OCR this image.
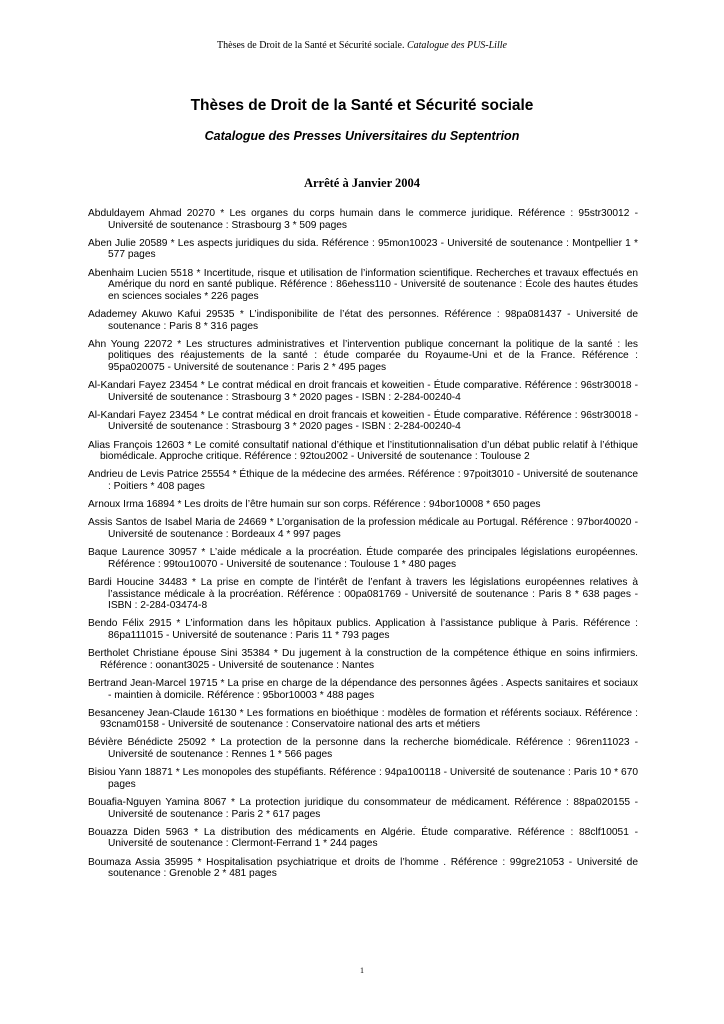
Thèses de Droit de la Santé et Sécurité sociale. Catalogue des PUS-Lille
Thèses de Droit de la Santé et Sécurité sociale
Catalogue des Presses Universitaires du Septentrion
Arrêté à Janvier 2004
Abduldayem Ahmad 20270 * Les organes du corps humain dans le commerce juridique. Référence : 95str30012 - Université de soutenance : Strasbourg 3 * 509 pages
Aben Julie 20589 * Les aspects juridiques du sida. Référence : 95mon10023 - Université de soutenance : Montpellier 1 * 577 pages
Abenhaim Lucien 5518 * Incertitude, risque et utilisation de l’information scientifique. Recherches et travaux effectués en Amérique du nord en santé publique. Référence : 86ehess110 - Université de soutenance : École des hautes études en sciences sociales * 226 pages
Adademey Akuwo Kafui 29535 * L’indisponibilite de l’état des personnes. Référence : 98pa081437 - Université de soutenance : Paris 8 * 316 pages
Ahn Young 22072 * Les structures administratives et l’intervention publique concernant la politique de la santé : les politiques des réajustements de la santé : étude comparée du Royaume-Uni et de la France. Référence : 95pa020075 - Université de soutenance : Paris 2 * 495 pages
Al-Kandari Fayez 23454 * Le contrat médical en droit francais et koweitien - Étude comparative. Référence : 96str30018 - Université de soutenance : Strasbourg 3 * 2020 pages - ISBN : 2-284-00240-4
Al-Kandari Fayez 23454 * Le contrat médical en droit francais et koweitien - Étude comparative. Référence : 96str30018 - Université de soutenance : Strasbourg 3 * 2020 pages - ISBN : 2-284-00240-4
Alias François 12603 * Le comité consultatif national d’éthique et l’institutionnalisation d’un débat public relatif à l’éthique biomédicale. Approche critique. Référence : 92tou2002 - Université de soutenance : Toulouse 2
Andrieu de Levis Patrice 25554 * Éthique de la médecine des armées. Référence : 97poit3010 - Université de soutenance : Poitiers * 408 pages
Arnoux Irma 16894 * Les droits de l’être humain sur son corps. Référence : 94bor10008 * 650 pages
Assis Santos de Isabel Maria de 24669 * L’organisation de la profession médicale au Portugal. Référence : 97bor40020 - Université de soutenance : Bordeaux 4 * 997 pages
Baque Laurence 30957 * L’aide médicale a la procréation. Étude comparée des principales législations européennes. Référence : 99tou10070 - Université de soutenance : Toulouse 1 * 480 pages
Bardi Houcine 34483 * La prise en compte de l’intérêt de l’enfant à travers les législations européennes relatives à l’assistance médicale à la procréation. Référence : 00pa081769 - Université de soutenance : Paris 8 * 638 pages - ISBN : 2-284-03474-8
Bendo Félix 2915 * L’information dans les hôpitaux publics. Application à l’assistance publique à Paris. Référence : 86pa111015 - Université de soutenance : Paris 11 * 793 pages
Bertholet Christiane épouse Sini 35384 * Du jugement à la construction de la compétence éthique en soins infirmiers. Référence : oonant3025 - Université de soutenance : Nantes
Bertrand Jean-Marcel 19715 * La prise en charge de la dépendance des personnes âgées . Aspects sanitaires et sociaux - maintien à domicile. Référence : 95bor10003 * 488 pages
Besanceney Jean-Claude 16130 * Les formations en bioéthique : modèles de formation et référents sociaux. Référence : 93cnam0158 - Université de soutenance : Conservatoire national des arts et métiers
Bévière Bénédicte 25092 * La protection de la personne dans la recherche biomédicale. Référence : 96ren11023 - Université de soutenance : Rennes 1 * 566 pages
Bisiou Yann 18871 * Les monopoles des stupéfiants. Référence : 94pa100118 - Université de soutenance : Paris 10 * 670 pages
Bouafia-Nguyen Yamina 8067 * La protection juridique du consommateur de médicament. Référence : 88pa020155 - Université de soutenance : Paris 2 * 617 pages
Bouazza Diden 5963 * La distribution des médicaments en Algérie. Étude comparative. Référence : 88clf10051 - Université de soutenance : Clermont-Ferrand 1 * 244 pages
Boumaza Assia 35995 * Hospitalisation psychiatrique et droits de l’homme . Référence : 99gre21053 - Université de soutenance : Grenoble 2 * 481 pages
1
